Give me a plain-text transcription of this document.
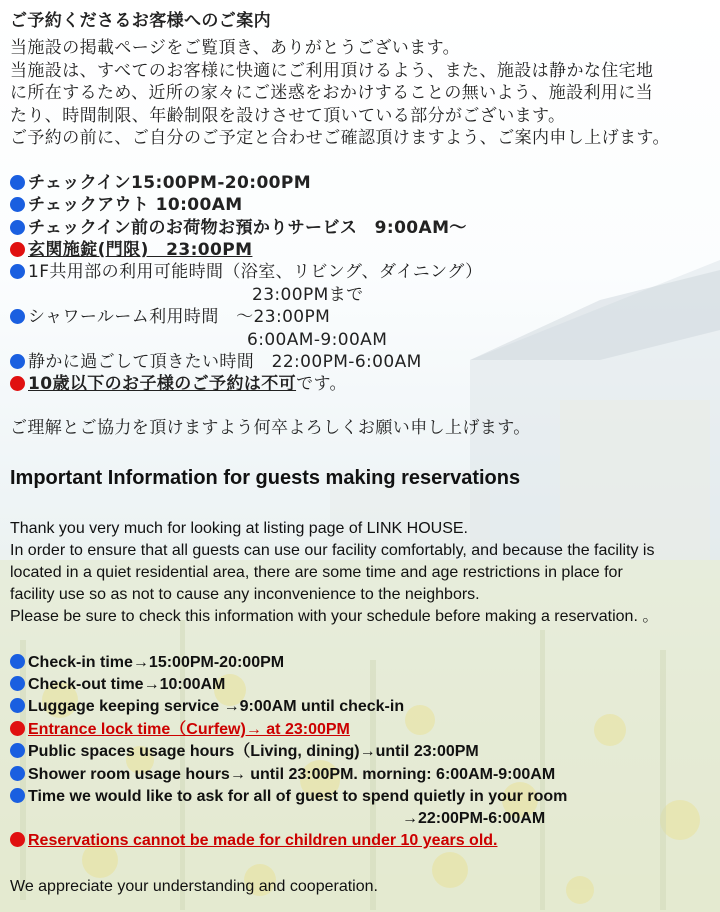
ご予約くださるお客様へのご案内
当施設の掲載ページをご覧頂き、ありがとうございます。
当施設は、すべてのお客様に快適にご利用頂けるよう、また、施設は静かな住宅地
に所在するため、近所の家々にご迷惑をおかけすることの無いよう、施設利用に当
たり、時間制限、年齢制限を設けさせて頂いている部分がございます。
ご予約の前に、ご自分のご予定と合わせご確認頂けますよう、ご案内申し上げます。
チェックイン15:00PM-20:00PM
チェックアウト 10:00AM
チェックイン前のお荷物お預かりサービス　9:00AM〜
玄関施錠(門限)　23:00PM
1F共用部の利用可能時間（浴室、リビング、ダイニング）
23:00PMまで
シャワールーム利用時間　〜23:00PM
6:00AM-9:00AM
静かに過ごして頂きたい時間　22:00PM-6:00AM
10歳以下のお子様のご予約は不可です。
ご理解とご協力を頂けますよう何卒よろしくお願い申し上げます。
Important Information for guests making reservations
Thank you very much for looking at listing page of LINK HOUSE.
In order to ensure that all guests can use our facility comfortably, and because the facility is
located in a quiet residential area, there are some time and age restrictions in place for
facility use so as not to cause any inconvenience to the neighbors.
Please be sure to check this information with your schedule before making a reservation. 。
Check-in time→15:00PM-20:00PM
Check-out time→10:00AM
Luggage keeping service →9:00AM until check-in
Entrance lock time（Curfew)→ at 23:00PM
Public spaces usage hours（Living, dining)→until 23:00PM
Shower room usage hours→ until 23:00PM. morning: 6:00AM-9:00AM
Time we would like to ask for all of guest to spend quietly in your room
→22:00PM-6:00AM
Reservations cannot be made for children under 10 years old.
We appreciate your understanding and cooperation.
